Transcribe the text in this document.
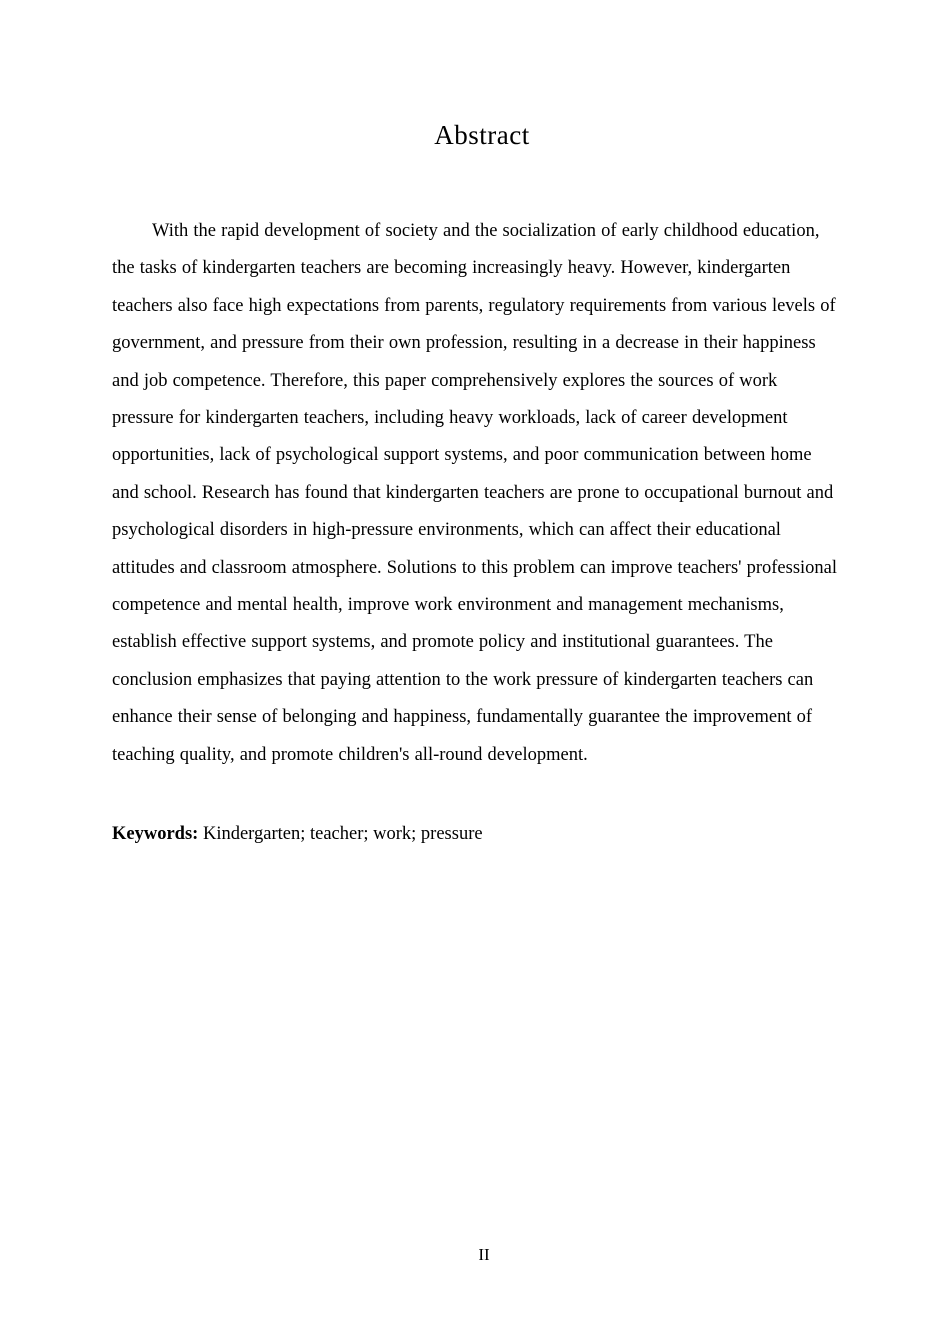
Abstract

With the rapid development of society and the socialization of early childhood education, the tasks of kindergarten teachers are becoming increasingly heavy. However, kindergarten teachers also face high expectations from parents, regulatory requirements from various levels of government, and pressure from their own profession, resulting in a decrease in their happiness and job competence. Therefore, this paper comprehensively explores the sources of work pressure for kindergarten teachers, including heavy workloads, lack of career development opportunities, lack of psychological support systems, and poor communication between home and school. Research has found that kindergarten teachers are prone to occupational burnout and psychological disorders in high-pressure environments, which can affect their educational attitudes and classroom atmosphere. Solutions to this problem can improve teachers' professional competence and mental health, improve work environment and management mechanisms, establish effective support systems, and promote policy and institutional guarantees. The conclusion emphasizes that paying attention to the work pressure of kindergarten teachers can enhance their sense of belonging and happiness, fundamentally guarantee the improvement of teaching quality, and promote children's all-round development.

Keywords: Kindergarten; teacher; work; pressure

II
